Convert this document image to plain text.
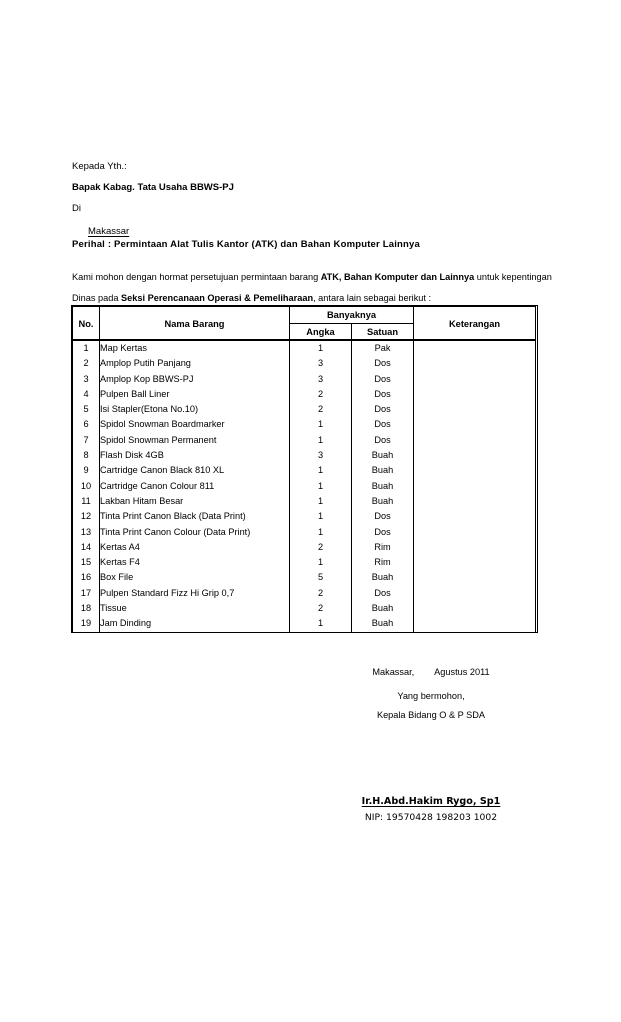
Kepada Yth.:
Bapak Kabag. Tata Usaha BBWS-PJ
Di
Makassar
Perihal : Permintaan Alat Tulis Kantor (ATK) dan Bahan Komputer Lainnya
Kami mohon dengan hormat persetujuan permintaan barang ATK, Bahan Komputer dan Lainnya untuk kepentingan Dinas pada Seksi Perencanaan Operasi & Pemeliharaan, antara lain sebagai berikut :
No.	Nama Barang	Banyaknya		Keterangan
		Angka	Satuan	
1	Map Kertas	1	Pak	
2	Amplop Putih Panjang	3	Dos	
3	Amplop Kop BBWS-PJ	3	Dos	
4	Pulpen Ball Liner	2	Dos	
5	Isi Stapler(Etona No.10)	2	Dos	
6	Spidol Snowman Boardmarker	1	Dos	
7	Spidol Snowman Permanent	1	Dos	
8	Flash Disk 4GB	3	Buah	
9	Cartridge Canon Black 810 XL	1	Buah	
10	Cartridge Canon Colour 811	1	Buah	
11	Lakban Hitam Besar	1	Buah	
12	Tinta Print Canon Black (Data Print)	1	Dos	
13	Tinta Print Canon Colour (Data Print)	1	Dos	
14	Kertas A4	2	Rim	
15	Kertas F4	1	Rim	
16	Box File	5	Buah	
17	Pulpen Standard Fizz Hi Grip 0,7	2	Dos	
18	Tissue	2	Buah	
19	Jam Dinding	1	Buah	
Makassar,        Agustus 2011
Yang bermohon,
Kepala Bidang O & P SDA
Ir.H.Abd.Hakim Rygo, Sp1
NIP: 19570428 198203 1002
